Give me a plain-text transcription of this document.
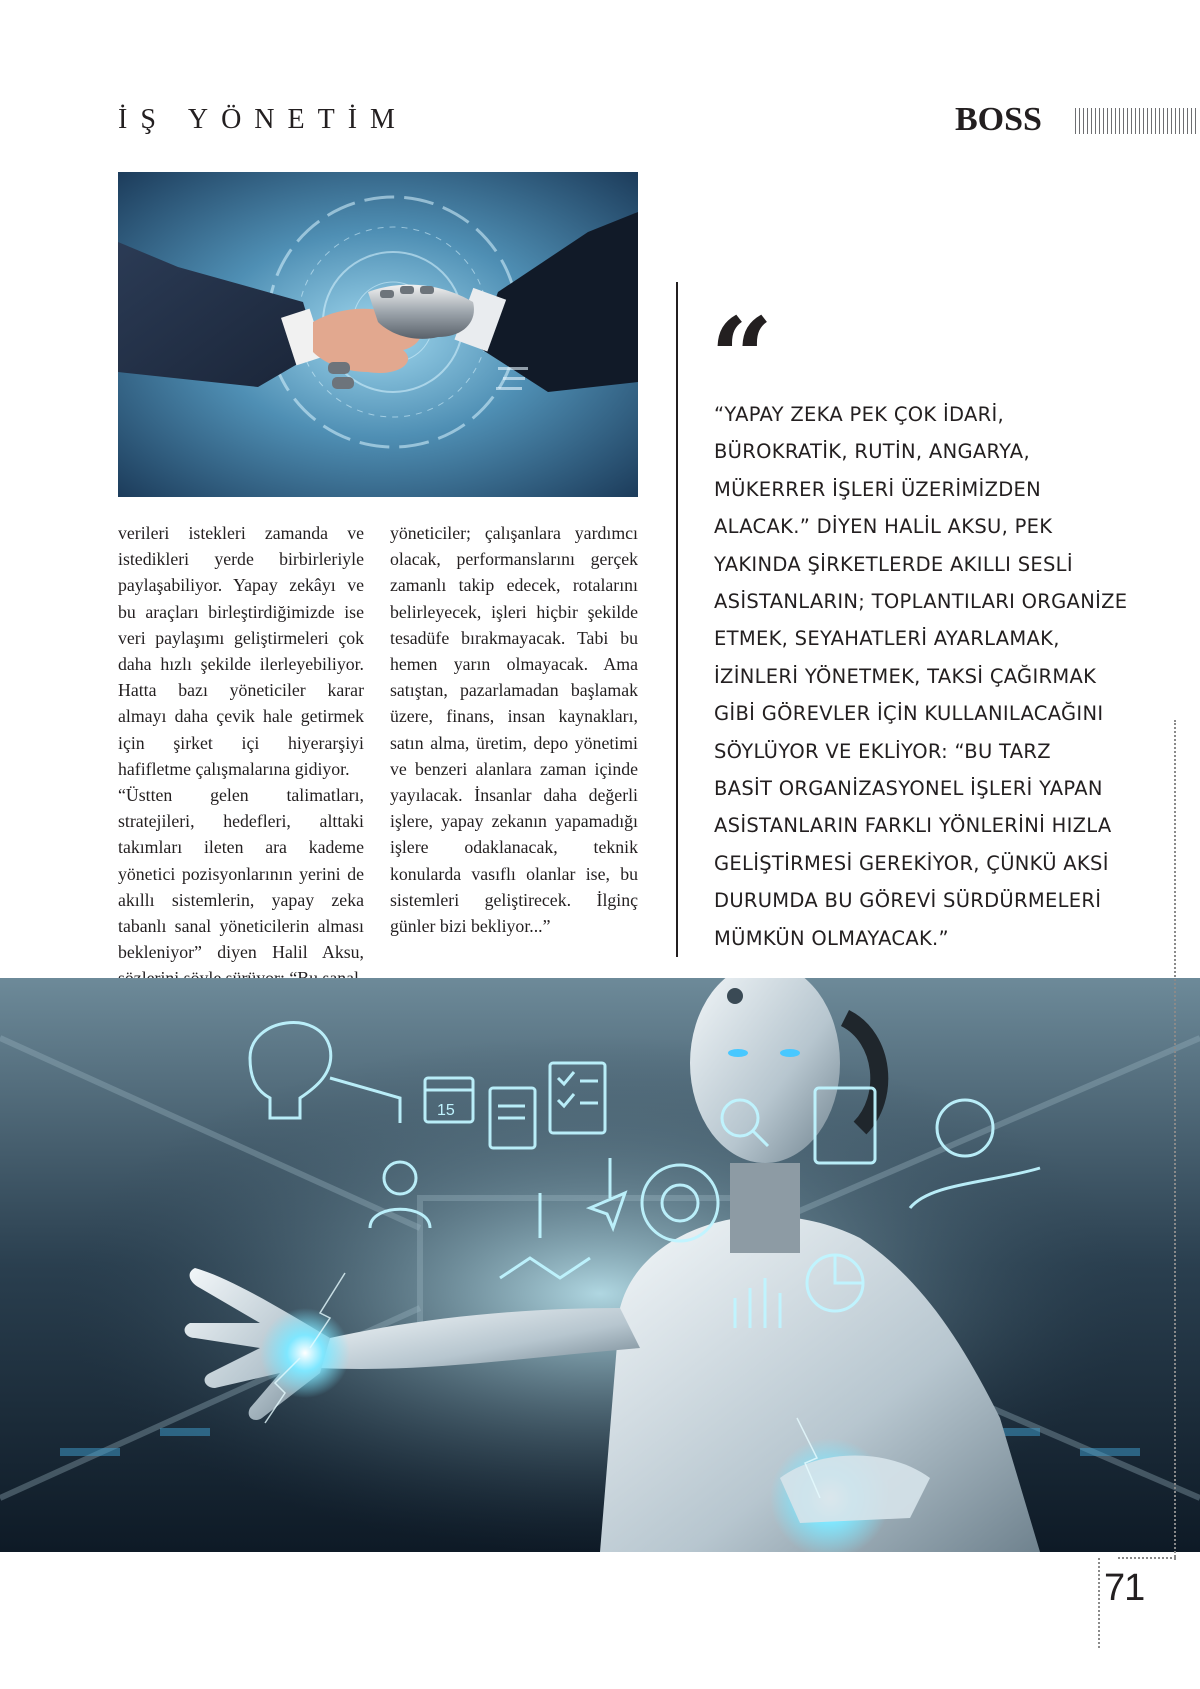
İŞ YÖNETİM	BOSS

verileri istekleri zamanda ve istedikleri yerde birbirleriyle paylaşabiliyor. Yapay zekâyı ve bu araçları birleştirdiğimizde ise veri paylaşımı geliştirmeleri çok daha hızlı şekilde ilerleyebiliyor. Hatta bazı yöneticiler karar almayı daha çevik hale getirmek için şirket içi hiyerarşiyi hafifletme çalışmalarına gidiyor.

“Üstten gelen talimatları, stratejileri, hedefleri, alttaki takımları ileten ara kademe yönetici pozisyonlarının yerini de akıllı sistemlerin, yapay zeka tabanlı sanal yöneticilerin alması bekleniyor” diyen Halil Aksu,

yöneticiler; çalışanlara yardımcı olacak, performanslarını gerçek zamanlı takip edecek, rotalarını belirleyecek, işleri hiçbir şekilde tesadüfe bırakmayacak. Tabi bu hemen yarın olmayacak. Ama satıştan, pazarlamadan başlamak üzere, finans, insan kaynakları, satın alma, üretim, depo yönetimi ve benzeri alanlara zaman içinde yayılacak. İnsanlar daha değerli işlere, yapay zekanın yapamadığı işlere odaklanacak, teknik konularda vasıflı olanlar ise, bu sistemleri geliştirecek. İlginç günler bizi bekliyor...”

“
“YAPAY ZEKA PEK ÇOK İDARİ,
BÜROKRATİK, RUTİN, ANGARYA,
MÜKERRER İŞLERİ ÜZERİMİZDEN
ALACAK.” DİYEN HALİL AKSU, PEK
YAKINDA ŞİRKETLERDE AKILLI SESLİ
ASİSTANLARIN; TOPLANTILARI ORGANİZE
ETMEK, SEYAHATLERİ AYARLAMAK,
İZİNLERİ YÖNETMEK, TAKSİ ÇAĞIRMAK
GİBİ GÖREVLER İÇİN KULLANILACAĞINI
SÖYLÜYOR VE EKLİYOR: “BU TARZ
BASİT ORGANİZASYONEL İŞLERİ YAPAN
ASİSTANLARIN FARKLI YÖNLERİNİ HIZLA
GELİŞTİRMESİ GEREKİYOR, ÇÜNKÜ AKSİ
DURUMDA BU GÖREVİ SÜRDÜRMELERİ
MÜMKÜN OLMAYACAK.”
15
71
